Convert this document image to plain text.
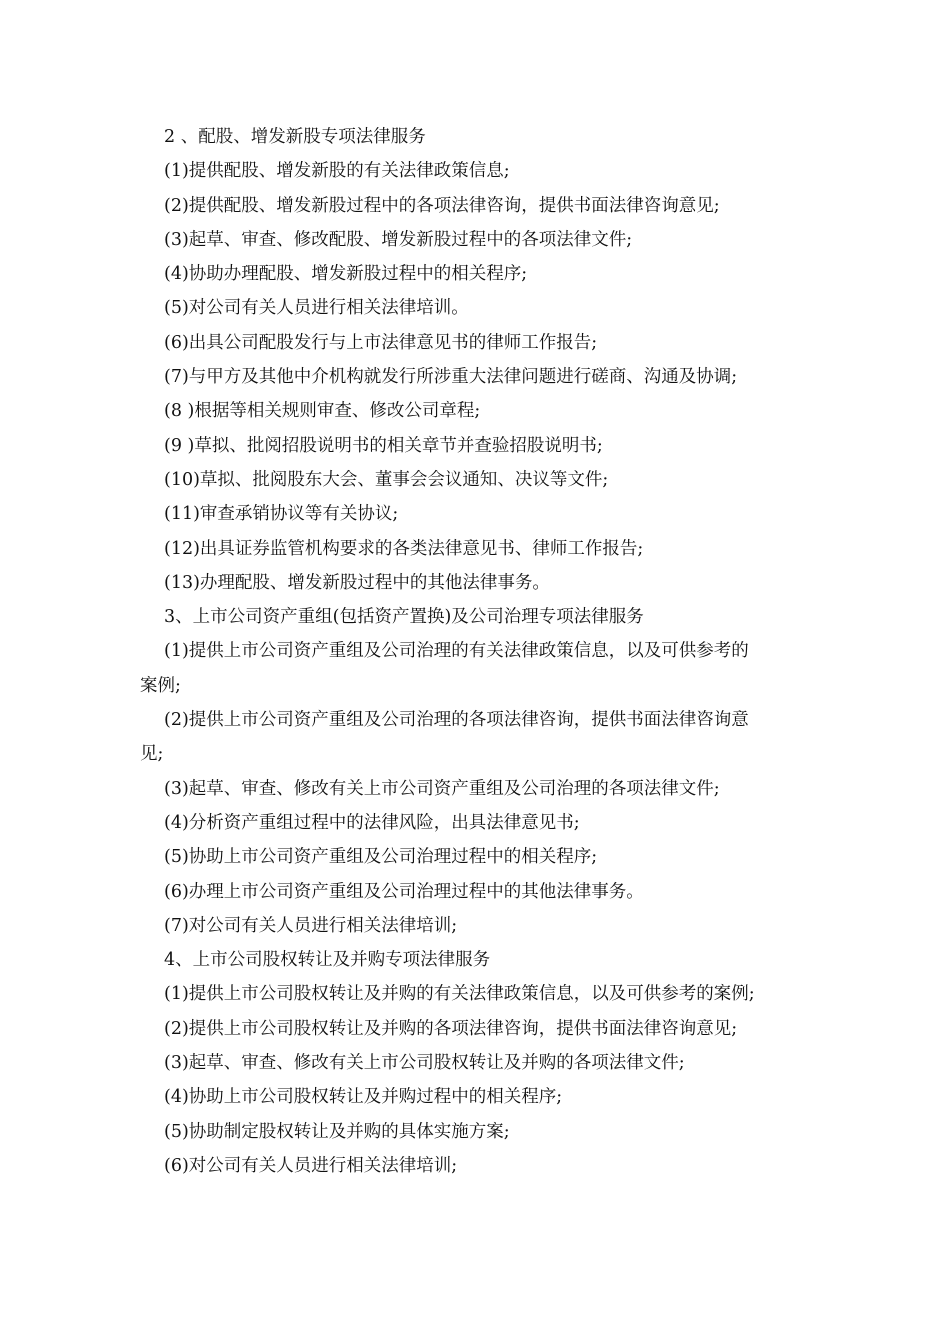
2 、配股、增发新股专项法律服务
(1)提供配股、增发新股的有关法律政策信息;
(2)提供配股、增发新股过程中的各项法律咨询，提供书面法律咨询意见;
(3)起草、审查、修改配股、增发新股过程中的各项法律文件;
(4)协助办理配股、增发新股过程中的相关程序;
(5)对公司有关人员进行相关法律培训。
(6)出具公司配股发行与上市法律意见书的律师工作报告;
(7)与甲方及其他中介机构就发行所涉重大法律问题进行磋商、沟通及协调;
(8 )根据等相关规则审查、修改公司章程;
(9 )草拟、批阅招股说明书的相关章节并查验招股说明书;
(10)草拟、批阅股东大会、董事会会议通知、决议等文件;
(11)审查承销协议等有关协议;
(12)出具证券监管机构要求的各类法律意见书、律师工作报告;
(13)办理配股、增发新股过程中的其他法律事务。
3、上市公司资产重组(包括资产置换)及公司治理专项法律服务
(1)提供上市公司资产重组及公司治理的有关法律政策信息，以及可供参考的
案例;
(2)提供上市公司资产重组及公司治理的各项法律咨询，提供书面法律咨询意
见;
(3)起草、审查、修改有关上市公司资产重组及公司治理的各项法律文件;
(4)分析资产重组过程中的法律风险，出具法律意见书;
(5)协助上市公司资产重组及公司治理过程中的相关程序;
(6)办理上市公司资产重组及公司治理过程中的其他法律事务。
(7)对公司有关人员进行相关法律培训;
4、上市公司股权转让及并购专项法律服务
(1)提供上市公司股权转让及并购的有关法律政策信息，以及可供参考的案例;
(2)提供上市公司股权转让及并购的各项法律咨询，提供书面法律咨询意见;
(3)起草、审查、修改有关上市公司股权转让及并购的各项法律文件;
(4)协助上市公司股权转让及并购过程中的相关程序;
(5)协助制定股权转让及并购的具体实施方案;
(6)对公司有关人员进行相关法律培训;
